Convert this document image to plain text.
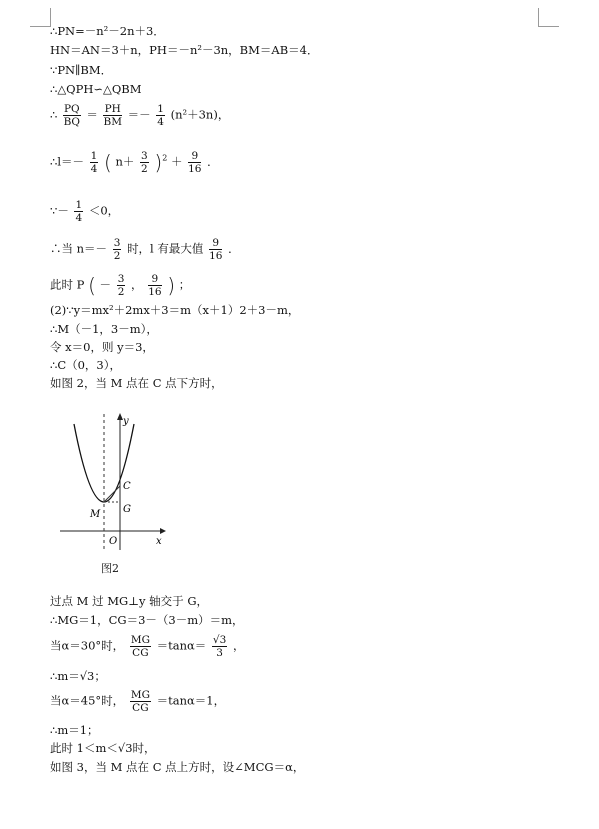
∴PN=－n²－2n＋3．
HN＝AN＝3＋n，PH＝－n²－3n，BM＝AB＝4．
∵PN∥BM．
∴△QPH∽△QBM
∴ $\frac{PQ}{BQ} = \frac{PH}{BM} =- \frac{1}{4} (n^2+3n)$，
∴l＝－ $\frac{1}{4}$ ( $n+ \frac{3}{2} )^2 + \frac{9}{16}$ ．
∵－ $\frac{1}{4} <0$，
∴当 $n=- \frac{3}{2}$ 时，l 有最大值 $\frac{9}{16}$ ．
此时 P ( － $\frac{3}{2}$ ， $\frac{9}{16}$ ) ；
(2)∵y＝mx²＋2mx＋3＝m（x＋1）2＋3－m，
∴M（－1，3－m），
令 x＝0，则 y＝3，
∴C（0，3），
如图 2，当 M 点在 C 点下方时，
y
x
O
C
G
M
图2
过点 M 过 MG⊥y 轴交于 G，
∴MG＝1，CG＝3－（3－m）＝m，
当α＝30°时， $\frac{MG}{CG} =\tan\alpha= \frac{√3}{3}$ ，
∴m＝√3；
当α＝45°时， $\frac{MG}{CG} =\tan\alpha=1$，
∴m＝1；
此时 1＜m＜√3时，
如图 3，当 M 点在 C 点上方时，设∠MCG＝α，
